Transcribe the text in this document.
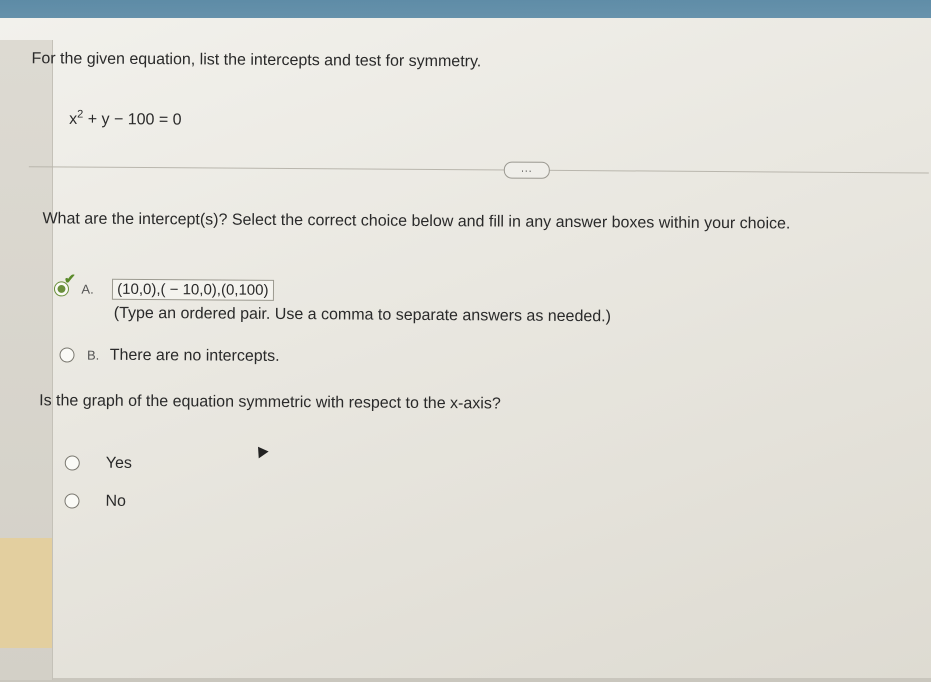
For the given equation, list the intercepts and test for symmetry.
$x^2 + y - 100 = 0$
...
What are the intercept(s)? Select the correct choice below and fill in any answer boxes within your choice.

✔
A. (10,0),( − 10,0),(0,100)
(Type an ordered pair. Use a comma to separate answers as needed.)
B. There are no intercepts.
Is the graph of the equation symmetric with respect to the x-axis?
Yes
No
